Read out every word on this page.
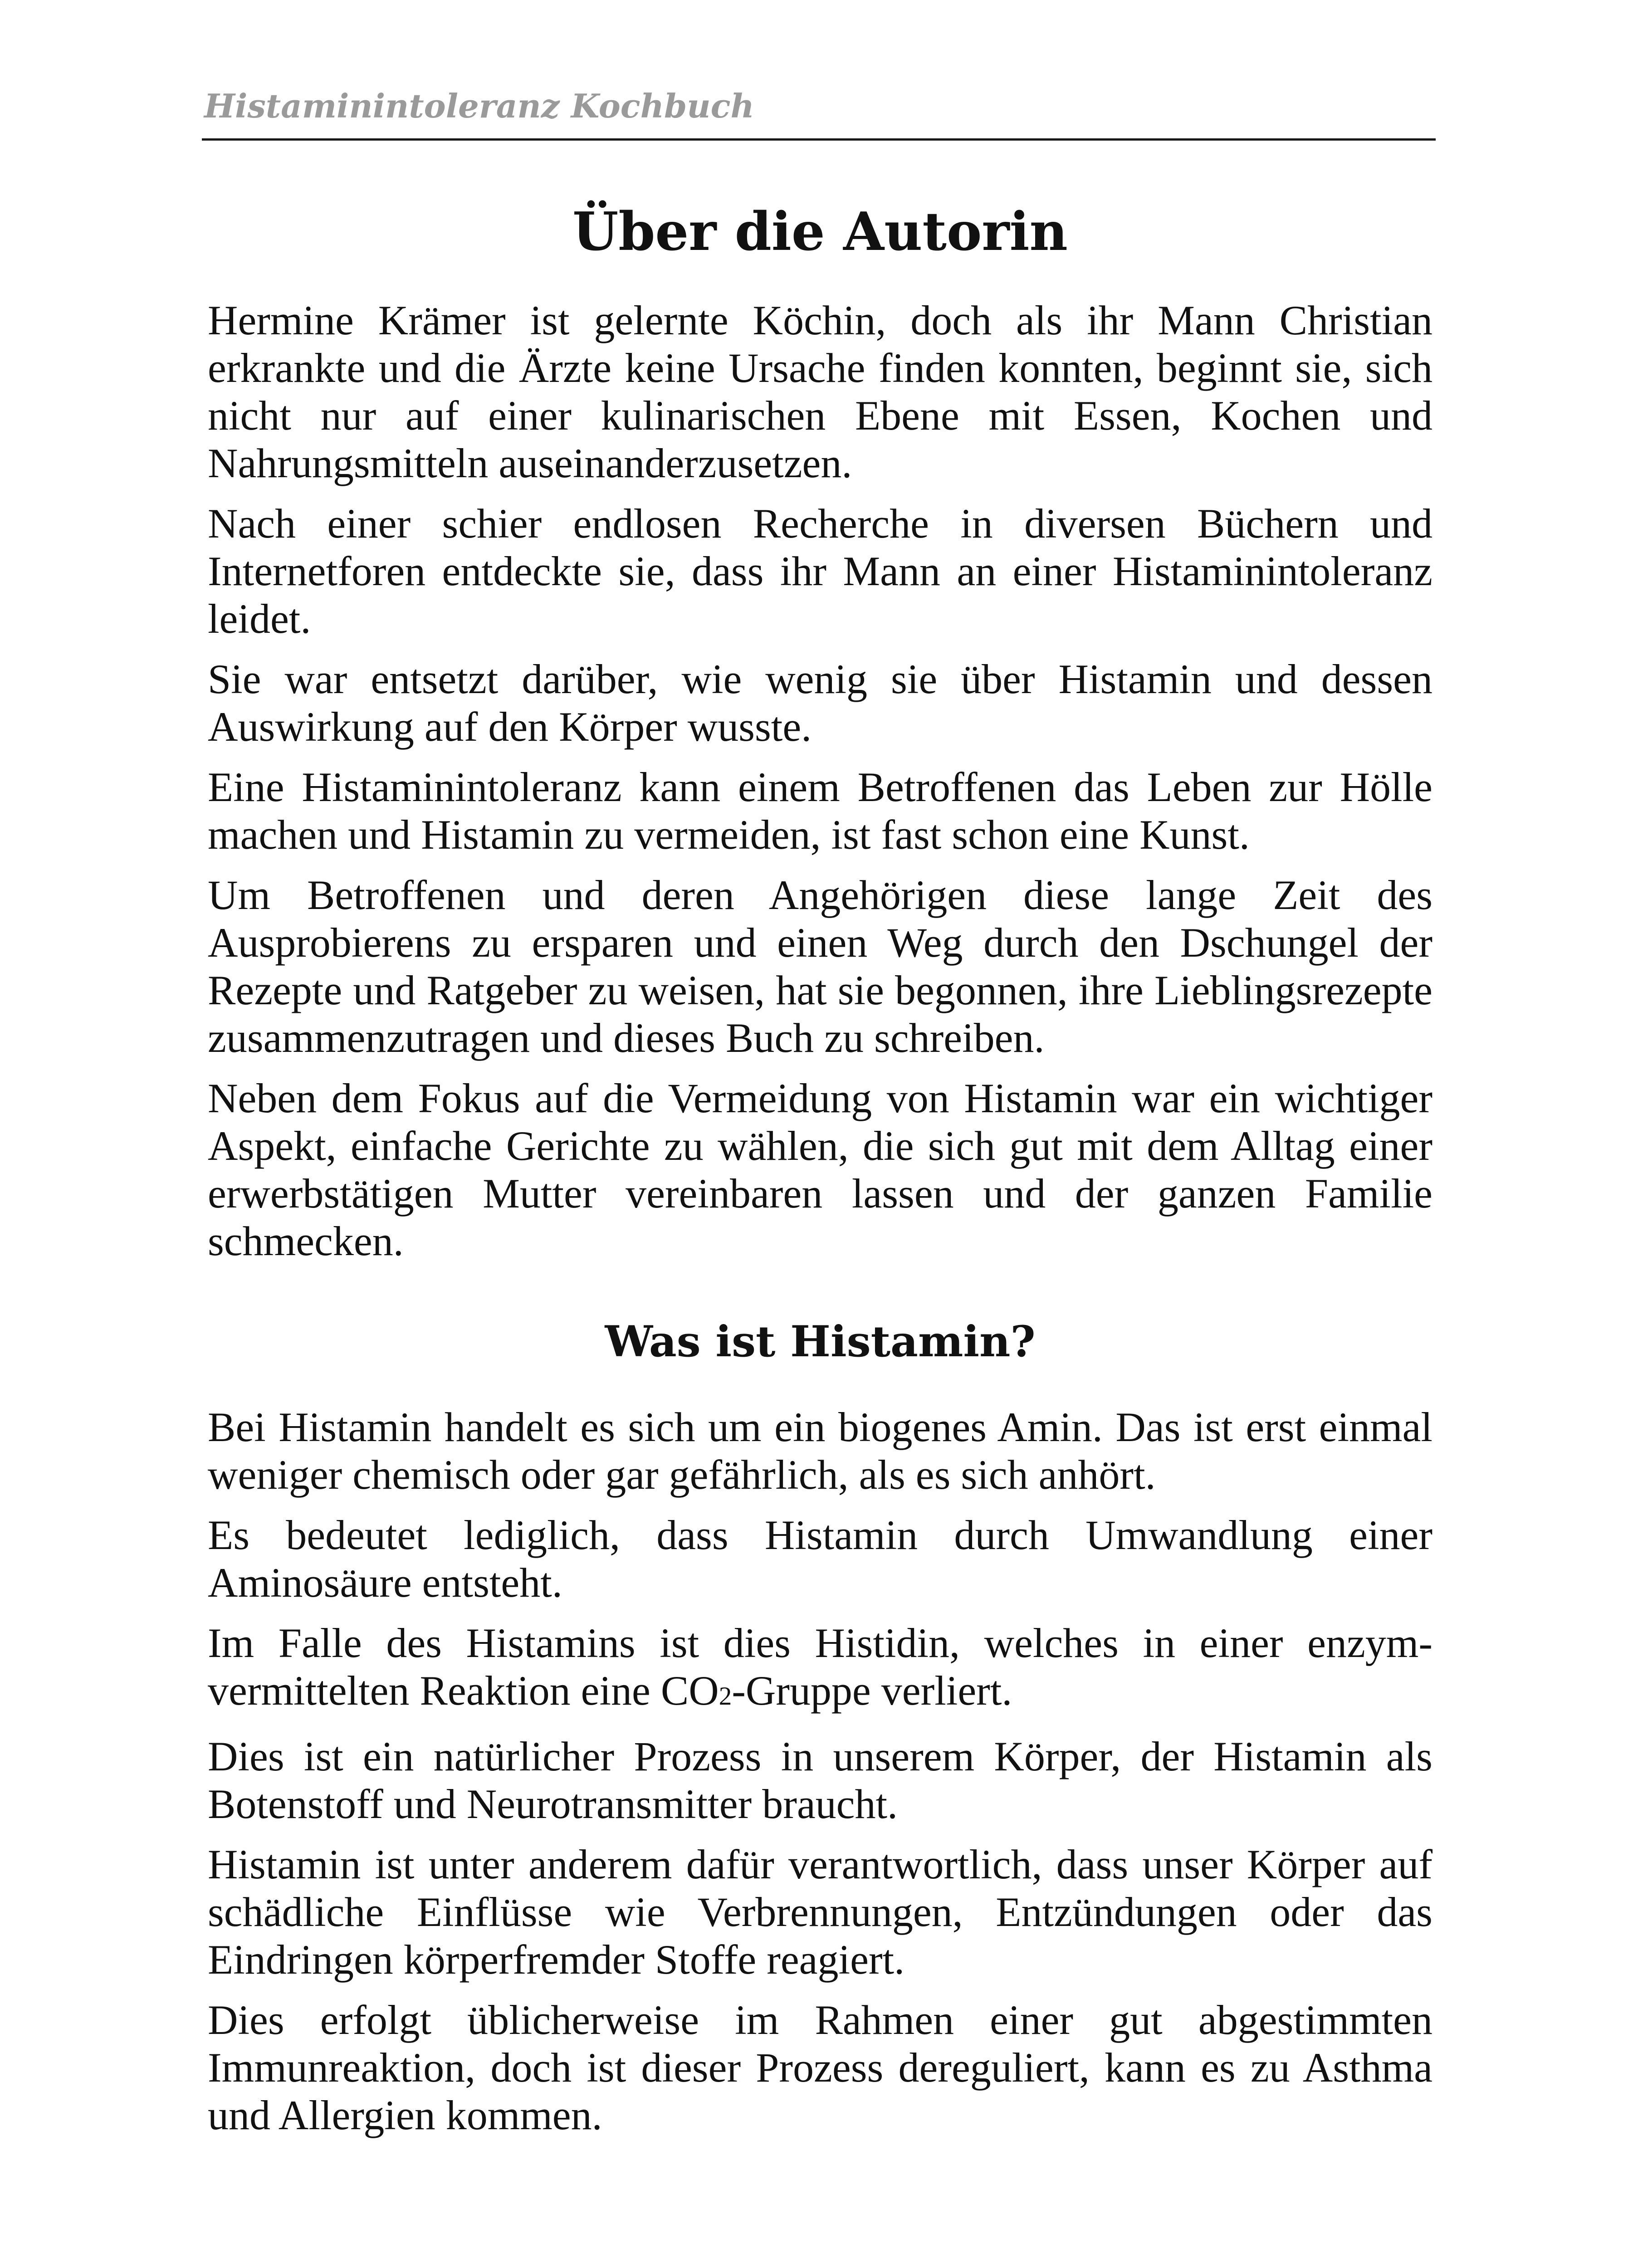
Histaminintoleranz Kochbuch
Über die Autorin

Hermine Krämer ist gelernte Köchin, doch als ihr Mann Christian erkrankte und die Ärzte keine Ursache finden konnten, beginnt sie, sich nicht nur auf einer kulinarischen Ebene mit Essen, Kochen und Nahrungsmitteln auseinanderzusetzen.

Nach einer schier endlosen Recherche in diversen Büchern und Internetforen entdeckte sie, dass ihr Mann an einer Histaminintoleranz leidet.

Sie war entsetzt darüber, wie wenig sie über Histamin und dessen Auswirkung auf den Körper wusste.

Eine Histaminintoleranz kann einem Betroffenen das Leben zur Hölle machen und Histamin zu vermeiden, ist fast schon eine Kunst.

Um Betroffenen und deren Angehörigen diese lange Zeit des Ausprobierens zu ersparen und einen Weg durch den Dschungel der Rezepte und Ratgeber zu weisen, hat sie begonnen, ihre Lieblingsrezepte zusammenzutragen und dieses Buch zu schreiben.

Neben dem Fokus auf die Vermeidung von Histamin war ein wichtiger Aspekt, einfache Gerichte zu wählen, die sich gut mit dem Alltag einer erwerbstätigen Mutter vereinbaren lassen und der ganzen Familie schmecken.

Was ist Histamin?

Bei Histamin handelt es sich um ein biogenes Amin. Das ist erst einmal weniger chemisch oder gar gefährlich, als es sich anhört.

Es bedeutet lediglich, dass Histamin durch Umwandlung einer Aminosäure entsteht.

Im Falle des Histamins ist dies Histidin, welches in einer enzym-vermittelten Reaktion eine CO2-Gruppe verliert.

Dies ist ein natürlicher Prozess in unserem Körper, der Histamin als Botenstoff und Neurotransmitter braucht.

Histamin ist unter anderem dafür verantwortlich, dass unser Körper auf schädliche Einflüsse wie Verbrennungen, Entzündungen oder das Eindringen körperfremder Stoffe reagiert.

Dies erfolgt üblicherweise im Rahmen einer gut abgestimmten Immunreaktion, doch ist dieser Prozess dereguliert, kann es zu Asthma und Allergien kommen.
